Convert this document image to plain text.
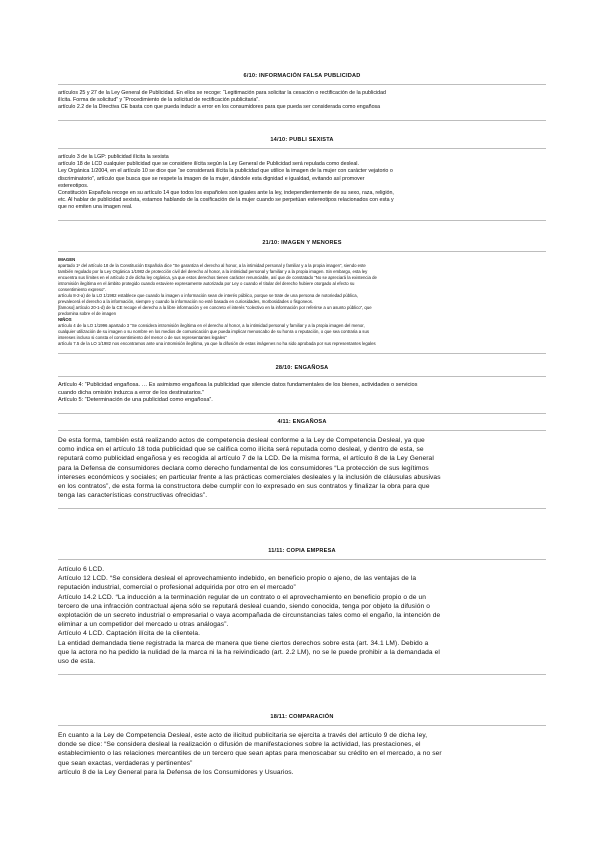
6/10: INFORMACIÓN FALSA PUBLICIDAD

artículos 25 y 27 de la Ley General de Publicidad. En ellos se recoge: “Legitimación para solicitar la cesación o rectificación de la publicidad

ilícita. Forma de solicitud” y “Procedimiento de la solicitud de rectificación publicitaria”.

artículo 2.2 de la Directiva CE basta con que pueda inducir a error en los consumidores para que pueda ser considerada como engañosa

14/10: PUBLI SEXISTA

artículo 3 de la LGP: publicidad ilícita la sexista

artículo 18 de LCD cualquier publicidad que se considere ilícita según la Ley General de Publicidad será repulada como desleal.

Ley Orgánica 1/2004, en el artículo 10 se dice que “se considerará ilícita la publicidad que utilice la imagen de la mujer con carácter vejatorio o

discriminatorio”, artículo que busca que se respete la imagen de la mujer, dándole esta dignidad e igualdad, evitando así promover

estereotipos.

Constitución Española recoge en su artículo 14 que todos los españoles son iguales ante la ley, independientemente de su sexo, raza, religión,

etc. Al hablar de publicidad sexista, estamos hablando de la cosificación de la mujer cuando se perpetúan estereotipos relacionados con esta y

que no emiten una imagen real.

21/10: IMAGEN Y MENORES

IMAGEN

apartado 1º del artículo 18 de la Constitución Española dice “Se garantiza el derecho al honor, a la intimidad personal y familiar y a la propia imagen”, siendo este

también regulado por la Ley Orgánica 1/1982 de protección civil del derecho al honor, a la intimidad personal y familiar y a la propia imagen. Sin embargo, esta ley

encuentra sus límites en el artículo 2 de dicha ley orgánica, ya que estos derechos tienen carácter renunciable, así que de constatado “No se apreciará la existencia de

intromisión ilegítima en el ámbito protegido cuando estuviere expresamente autorizada por Ley o cuando el titular del derecho hubiere otorgado al efecto su

consentimiento expreso”.

artículo 8-2-a) de la LO 1/1982 establece que cuando la imagen o información sean de interés público, porque se trate de una persona de notoriedad pública,

prevalecerá el derecho a la información, siempre y cuando la información no esté basada en curiosidades, morbosidades o fisgoneos.

[famoso] artículo 20-1-d) de la CE recoge el derecho a la libre información y en concreto el interés “colectivo en la información por referirse a un asunto público”, que

predomina sobre el de imagen

NIÑOS

artículo 4 de la LO 1/1996 apartado 3 “Se considera intromisión ilegítima en el derecho al honor, a la intimidad personal y familiar y a la propia imagen del menor,

cualquier utilización de su imagen o su nombre en los medios de comunicación que pueda implicar menoscabo de su honra o reputación, o que sea contraria a sus

intereses incluso si consta el consentimiento del menor o de sus representantes legales”

artículo 7.5 de la LO 1/1982 nos encontramos ante una intromisión ilegítima, ya que la difusión de estas imágenes no ha sido aprobada por sus representantes legales

28/10: ENGAÑOSA

Artículo 4: “Publicidad engañosa. … Es asimismo engañosa la publicidad que silencie datos fundamentales de los bienes, actividades o servicios

cuando dicha omisión induzca a error de los destinatarios.”

Artículo 5: “Determinación de una publicidad como engañosa”.

4/11: ENGAÑOSA

De esta forma, también está realizando actos de competencia desleal conforme a la Ley de Competencia Desleal, ya que

como indica en el artículo 18 toda publicidad que se califica como ilícita será reputada como desleal, y dentro de esta, se

reputará como publicidad engañosa y es recogida al artículo 7 de la LCD. De la misma forma, el artículo 8 de la Ley General

para la Defensa de consumidores declara como derecho fundamental de los consumidores “La protección de sus legítimos

intereses económicos y sociales; en particular frente a las prácticas comerciales desleales y la inclusión de cláusulas abusivas

en los contratos”, de esta forma la constructora debe cumplir con lo expresado en sus contratos y finalizar la obra para que

tenga las características constructivas ofrecidas”.

11/11: COPIA EMPRESA

Artículo 6 LCD.

Artículo 12 LCD. “Se considera desleal el aprovechamiento indebido, en beneficio propio o ajeno, de las ventajas de la

reputación industrial, comercial o profesional adquirida por otro en el mercado”

Artículo 14.2 LCD. “La inducción a la terminación regular de un contrato o el aprovechamiento en beneficio propio o de un

tercero de una infracción contractual ajena sólo se reputará desleal cuando, siendo conocida, tenga por objeto la difusión o

explotación de un secreto industrial o empresarial o vaya acompañada de circunstancias tales como el engaño, la intención de

eliminar a un competidor del mercado u otras análogas”.

Artículo 4 LCD. Captación ilícita de la clientela.

La entidad demandada tiene registrada la marca de manera que tiene ciertos derechos sobre esta (art. 34.1 LM). Debido a

que la actora no ha pedido la nulidad de la marca ni la ha reivindicado (art. 2.2 LM), no se le puede prohibir a la demandada el

uso de esta.

18/11: COMPARACIÓN

En cuanto a la Ley de Competencia Desleal, este acto de ilicitud publicitaria se ejercita a través del artículo 9 de dicha ley,

donde se dice: “Se considera desleal la realización o difusión de manifestaciones sobre la actividad, las prestaciones, el

establecimiento o las relaciones mercantiles de un tercero que sean aptas para menoscabar su crédito en el mercado, a no ser

que sean exactas, verdaderas y pertinentes”

artículo 8 de la Ley General para la Defensa de los Consumidores y Usuarios.
